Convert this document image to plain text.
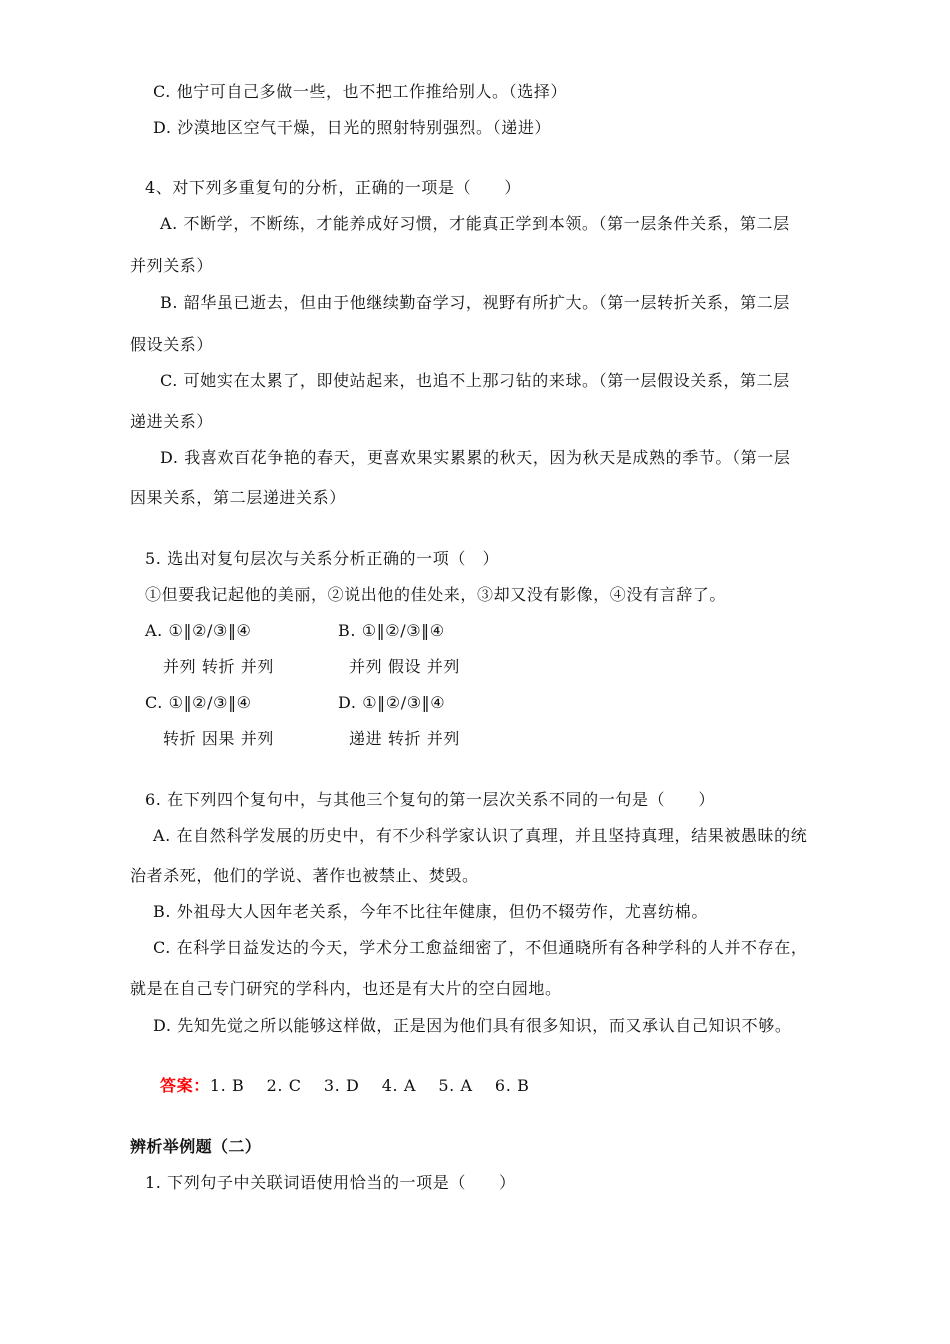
C. 他宁可自己多做一些，也不把工作推给别人。（选择）
D. 沙漠地区空气干燥，日光的照射特别强烈。（递进）
4、对下列多重复句的分析，正确的一项是（　　）
A. 不断学，不断练，才能养成好习惯，才能真正学到本领。（第一层条件关系，第二层
并列关系）
B. 韶华虽已逝去，但由于他继续勤奋学习，视野有所扩大。（第一层转折关系，第二层
假设关系）
C. 可她实在太累了，即使站起来，也追不上那刁钻的来球。（第一层假设关系，第二层
递进关系）
D. 我喜欢百花争艳的春天，更喜欢果实累累的秋天，因为秋天是成熟的季节。（第一层
因果关系，第二层递进关系）
5. 选出对复句层次与关系分析正确的一项（　）
①但要我记起他的美丽，②说出他的佳处来，③却又没有影像，④没有言辞了。
A. ①‖②/③‖④	B. ①‖②/③‖④
并列 转折 并列	并列 假设 并列
C. ①‖②/③‖④	D. ①‖②/③‖④
转折 因果 并列	递进 转折 并列
6. 在下列四个复句中，与其他三个复句的第一层次关系不同的一句是（　　）
A. 在自然科学发展的历史中，有不少科学家认识了真理，并且坚持真理，结果被愚昧的统
治者杀死，他们的学说、著作也被禁止、焚毁。
B. 外祖母大人因年老关系，今年不比往年健康，但仍不辍劳作，尤喜纺棉。
C. 在科学日益发达的今天，学术分工愈益细密了，不但通晓所有各种学科的人并不存在，
就是在自己专门研究的学科内，也还是有大片的空白园地。
D. 先知先觉之所以能够这样做，正是因为他们具有很多知识，而又承认自己知识不够。
答案：1. B　 2. C　 3. D　 4. A　 5. A　 6. B
辨析举例题（二）
1. 下列句子中关联词语使用恰当的一项是（　　）
